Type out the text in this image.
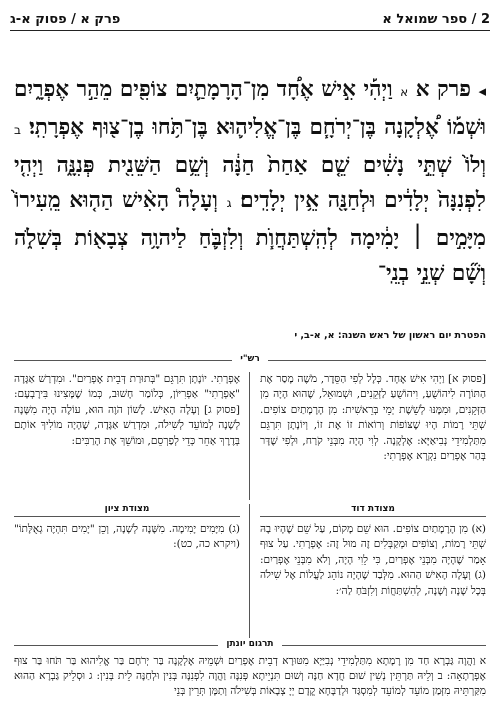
2 / ספר שמואל א
פרק א / פסוק א-ג
◂ פרק א א וַיְהִ֡י אִ֣ישׁ אֶחָ֠ד מִן־הָרָמָתַ֛יִם צוֹפִ֖ים מֵהַ֣ר אֶפְרָ֑יִם וּשְׁמ֡וֹ אֶ֠לְקָנָה בֶּן־יְרֹחָ֧ם בֶּן־אֱלִיה֛וּא בֶּן־תֹּ֥חוּ בֶן־צ֖וּף אֶפְרָתִֽי׃ ב וְלוֹ֙ שְׁתֵּ֣י נָשִׁ֔ים שֵׁ֤ם אַחַת֙ חַנָּ֔ה וְשֵׁ֥ם הַשֵּׁנִ֖ית פְּנִנָּ֑ה וַיְהִ֤י לִפְנִנָּה֙ יְלָדִ֔ים וּלְחַנָּ֖ה אֵ֥ין יְלָדִֽים׃ ג וְעָלָה֩ הָאִ֨ישׁ הַה֤וּא מֵֽעִירוֹ֙ מִיָּמִ֣ים ׀ יָמִ֔ימָה לְהִֽשְׁתַּחֲוֺ֧ת וְלִזְבֹּ֛חַ לַיהוָ֥ה צְבָא֖וֹת בְּשִׁלֹ֑ה וְשָׁ֞ם שְׁנֵ֣י בְנֵֽי־
הפטרת יום ראשון של ראש השנה: א, א-ב, י
רש"י
[פסוק א] וַיְהִי אִישׁ אֶחָד. כְּלָל לְפִי הַסֵּדֶר, מֹשֶׁה מָסַר אֶת הַתּוֹרָה לִיהוֹשֻׁעַ, וִיהוֹשֻׁעַ לַזְּקֵנִים, וּשְׁמוּאֵל, שֶׁהוּא הָיָה מִן הַזְּקֵנִים, וּמִמֶּנּוּ לְשֵׁשֶׁת יְמֵי בְּרֵאשִׁית: מִן הָרָמָתַיִם צוֹפִים. שְׁתֵּי רָמוֹת הָיוּ שֶׁצּוֹפוֹת וְרוֹאוֹת זוֹ אֶת זוֹ, וְיוֹנָתָן תִּרְגֵּם מִתַּלְמִידֵי נְבִיאַיָּא: אֶלְקָנָה. לְוִי הָיָה מִבְּנֵי קֹרַח, וּלְפִי שֶׁדָּר בְּהַר אֶפְרַיִם נִקְרָא אֶפְרָתִי:
אֶפְרָתִי. יוֹנָתָן תִּרְגֵּם "בְּתוּרַת דְּבֵית אֶפְרַיִם". וּמִדְרַשׁ אַגָּדָה "אֶפְרָתִי" אַפְרִיּוֹן, כְּלוֹמַר חָשׁוּב, כְּמוֹ שֶׁמָּצִינוּ בִּירָבְעָם: [פסוק ג] וְעָלָה הָאִישׁ. לָשׁוֹן הֹוֶה הוּא, עוֹלֶה הָיָה מִשָּׁנָה לְשָׁנָה לְמוֹעֵד לְשִׁילֹה, וּמִדְרַשׁ אַגָּדָה, שֶׁהָיָה מוֹלִיךְ אוֹתָם בְּדֶרֶךְ אַחֵר כְּדֵי לְפַרְסֵם, וּמוֹשֵׁךְ אֶת הָרַבִּים:
מצודת דוד
(א) מִן הָרָמָתַיִם צוֹפִים. הוּא שֵׁם מָקוֹם, עַל שֵׁם שֶׁהָיוּ בָהּ שְׁתֵּי רָמוֹת, וְצוֹפִים וּמְקַבְּלִים זֶה מוּל זֶה: אֶפְרָתִי. עַל צוּף אָמַר שֶׁהָיָה מִבְּנֵי אֶפְרַיִם, כִּי לֵוִי הָיָה, וְלֹא מִבְּנֵי אֶפְרַיִם: (ג) וְעָלָה הָאִישׁ הַהוּא. מִלְּבַד שֶׁהָיָה נוֹהֵג לַעֲלוֹת אֶל שִׁילֹה בְּכָל שָׁנָה וְשָׁנָה, לְהִשְׁתַּחֲוֹת וְלִזְבֹּחַ לַה׳:
מצודת ציון
(ג) מִיָּמִים יָמִימָה. מִשָּׁנָה לְשָׁנָה, וְכֵן "יָמִים תִּהְיֶה גְאֻלָּתוֹ" (ויקרא כה, כט):
תרגום יונתן
א וַהֲוָה גַּבְרָא חַד מִן רָמָתָא מִתַּלְמִידֵי נְבִיַּיָא מִטּוּרָא דְבֵית אֶפְרַיִם וּשְׁמֵיהּ אֶלְקָנָה בַּר יְרֹחָם בַּר אֱלִיהוּא בַּר תֹּחוּ בַּר צוּף אֶפְרָתָאָה: ב וְלֵיהּ תַּרְתֵּין נְשִׁין שׁוּם חֲדָא חַנָּה וְשׁוּם תִּנְיֵיתָא פְּנִנָּה וַהֲוָה לִפְנִנָּה בְּנִין וּלְחַנָּה לֵית בְּנִין: ג וּסְלֵיק גַּבְרָא הַהוּא מִקַּרְתֵּיהּ מִזְּמַן מוֹעֵד לְמוֹעֵד לְמִסְגַּד וּלְדַבָּחָא קֳדָם יְיָ צְבָאוֹת בְּשִׁילֹה וְתַמָּן תְּרֵין בְּנֵי
